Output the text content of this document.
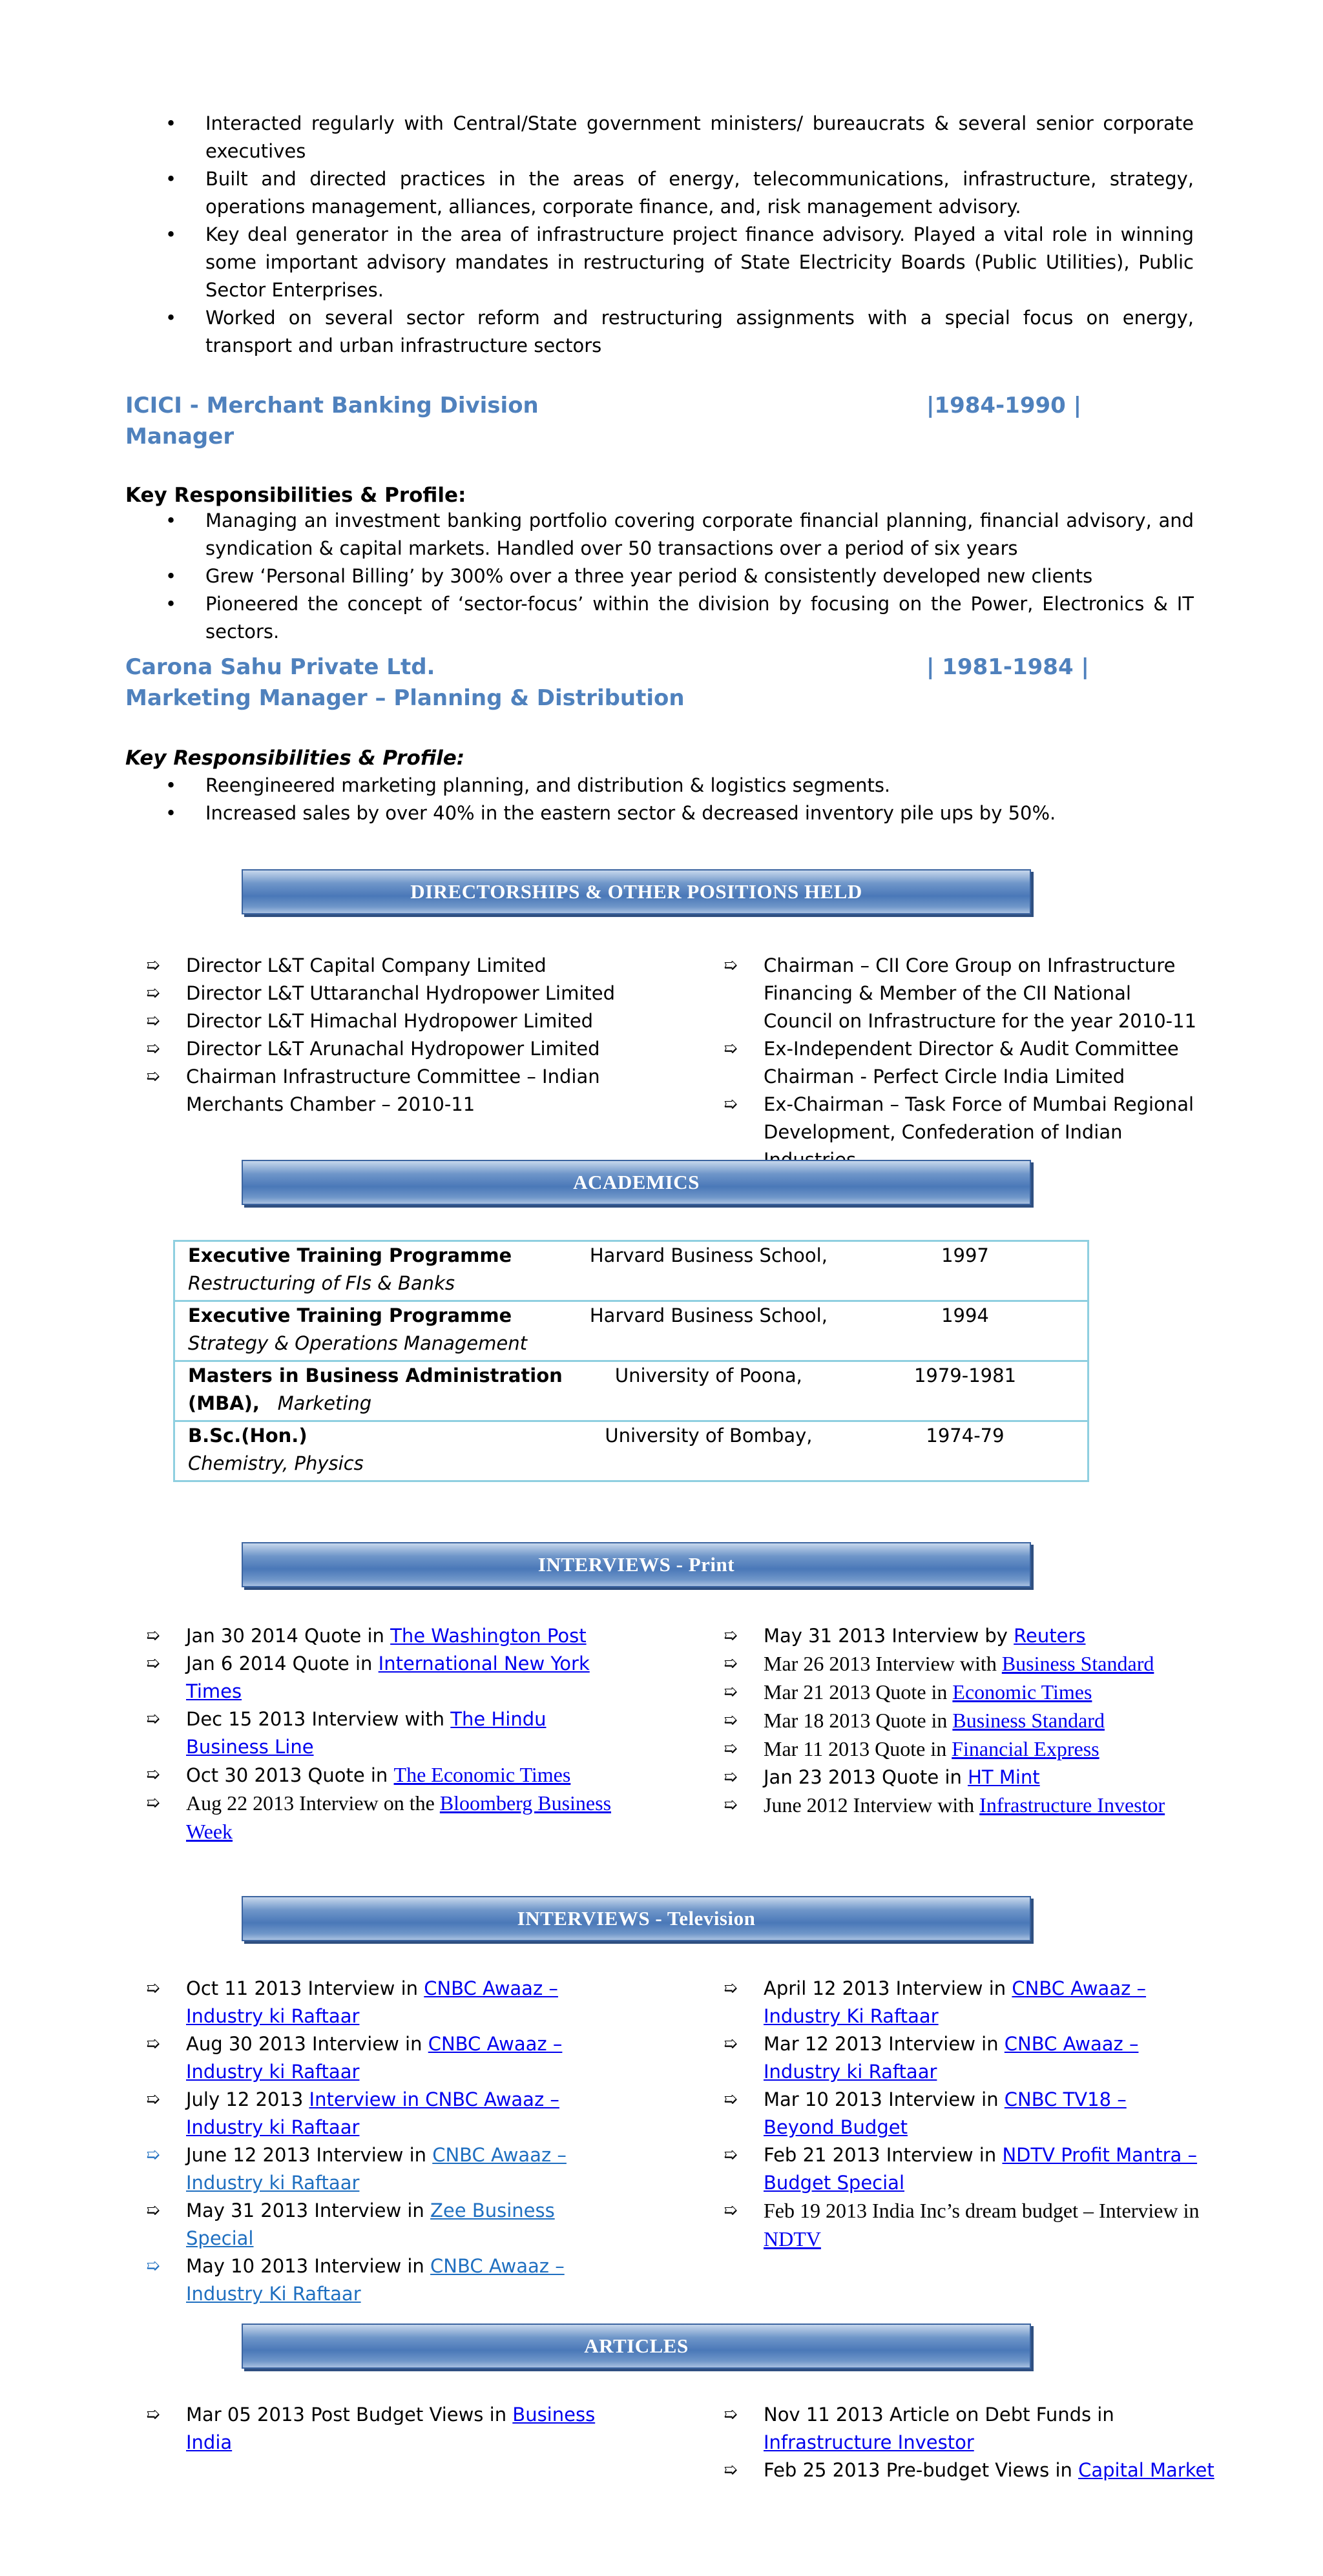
• Interacted regularly with Central/State government ministers/ bureaucrats & several senior corporate executives
• Built and directed practices in the areas of energy, telecommunications, infrastructure, strategy, operations management, alliances, corporate finance, and, risk management advisory.
• Key deal generator in the area of infrastructure project finance advisory. Played a vital role in winning some important advisory mandates in restructuring of State Electricity Boards (Public Utilities), Public Sector Enterprises.
• Worked on several sector reform and restructuring assignments with a special focus on energy, transport and urban infrastructure sectors
ICICI - Merchant Banking Division	|1984-1990 |
Manager
Key Responsibilities & Profile:
• Managing an investment banking portfolio covering corporate financial planning, financial advisory, and syndication & capital markets. Handled over 50 transactions over a period of six years
• Grew ‘Personal Billing’ by 300% over a three year period & consistently developed new clients
• Pioneered the concept of ‘sector-focus’ within the division by focusing on the Power, Electronics & IT sectors.
Carona Sahu Private Ltd.	| 1981-1984 |
Marketing Manager – Planning & Distribution
Key Responsibilities & Profile:
• Reengineered marketing planning, and distribution & logistics segments.
• Increased sales by over 40% in the eastern sector & decreased inventory pile ups by 50%.
DIRECTORSHIPS & OTHER POSITIONS HELD
➯ Director L&T Capital Company Limited
➯ Director L&T Uttaranchal Hydropower Limited
➯ Director L&T Himachal Hydropower Limited
➯ Director L&T Arunachal Hydropower Limited
➯ Chairman Infrastructure Committee – Indian Merchants Chamber – 2010-11
➯ Chairman – CII Core Group on Infrastructure Financing & Member of the CII National Council on Infrastructure for the year 2010-11
➯ Ex-Independent Director & Audit Committee Chairman - Perfect Circle India Limited
➯ Ex-Chairman – Task Force of Mumbai Regional Development, Confederation of Indian
ACADEMICS
Executive Training Programme
Restructuring of FIs & Banks	Harvard Business School,	1997

Executive Training Programme
Strategy & Operations Management	Harvard Business School,	1994

Masters in Business Administration (MBA), Marketing	University of Poona,	1979-1981

B.Sc.(Hon.)
Chemistry, Physics	University of Bombay,	1974-79
INTERVIEWS - Print
➯ Jan 30 2014 Quote in The Washington Post
➯ Jan 6 2014 Quote in International New York Times
➯ Dec 15 2013 Interview with The Hindu Business Line
➯ Oct 30 2013 Quote in The Economic Times
➯ Aug 22 2013 Interview on the Bloomberg Business Week
➯ May 31 2013 Interview by Reuters
➯ Mar 26 2013 Interview with Business Standard
➯ Mar 21 2013 Quote in Economic Times
➯ Mar 18 2013 Quote in Business Standard
➯ Mar 11 2013 Quote in Financial Express
➯ Jan 23 2013 Quote in HT Mint
➯ June 2012 Interview with Infrastructure Investor
INTERVIEWS - Television
➯ Oct 11 2013 Interview in CNBC Awaaz – Industry ki Raftaar
➯ Aug 30 2013 Interview in CNBC Awaaz – Industry ki Raftaar
➯ July 12 2013 Interview in CNBC Awaaz – Industry ki Raftaar
➯ June 12 2013 Interview in CNBC Awaaz – Industry ki Raftaar
➯ May 31 2013 Interview in Zee Business Special
➯ May 10 2013 Interview in CNBC Awaaz – Industry Ki Raftaar
➯ April 12 2013 Interview in CNBC Awaaz – Industry Ki Raftaar
➯ Mar 12 2013 Interview in CNBC Awaaz – Industry ki Raftaar
➯ Mar 10 2013 Interview in CNBC TV18 – Beyond Budget
➯ Feb 21 2013 Interview in NDTV Profit Mantra – Budget Special
➯ Feb 19 2013 India Inc’s dream budget – Interview in NDTV
ARTICLES
➯ Mar 05 2013 Post Budget Views in Business India
➯ Nov 11 2013 Article on Debt Funds in Infrastructure Investor
➯ Feb 25 2013 Pre-budget Views in Capital Market
